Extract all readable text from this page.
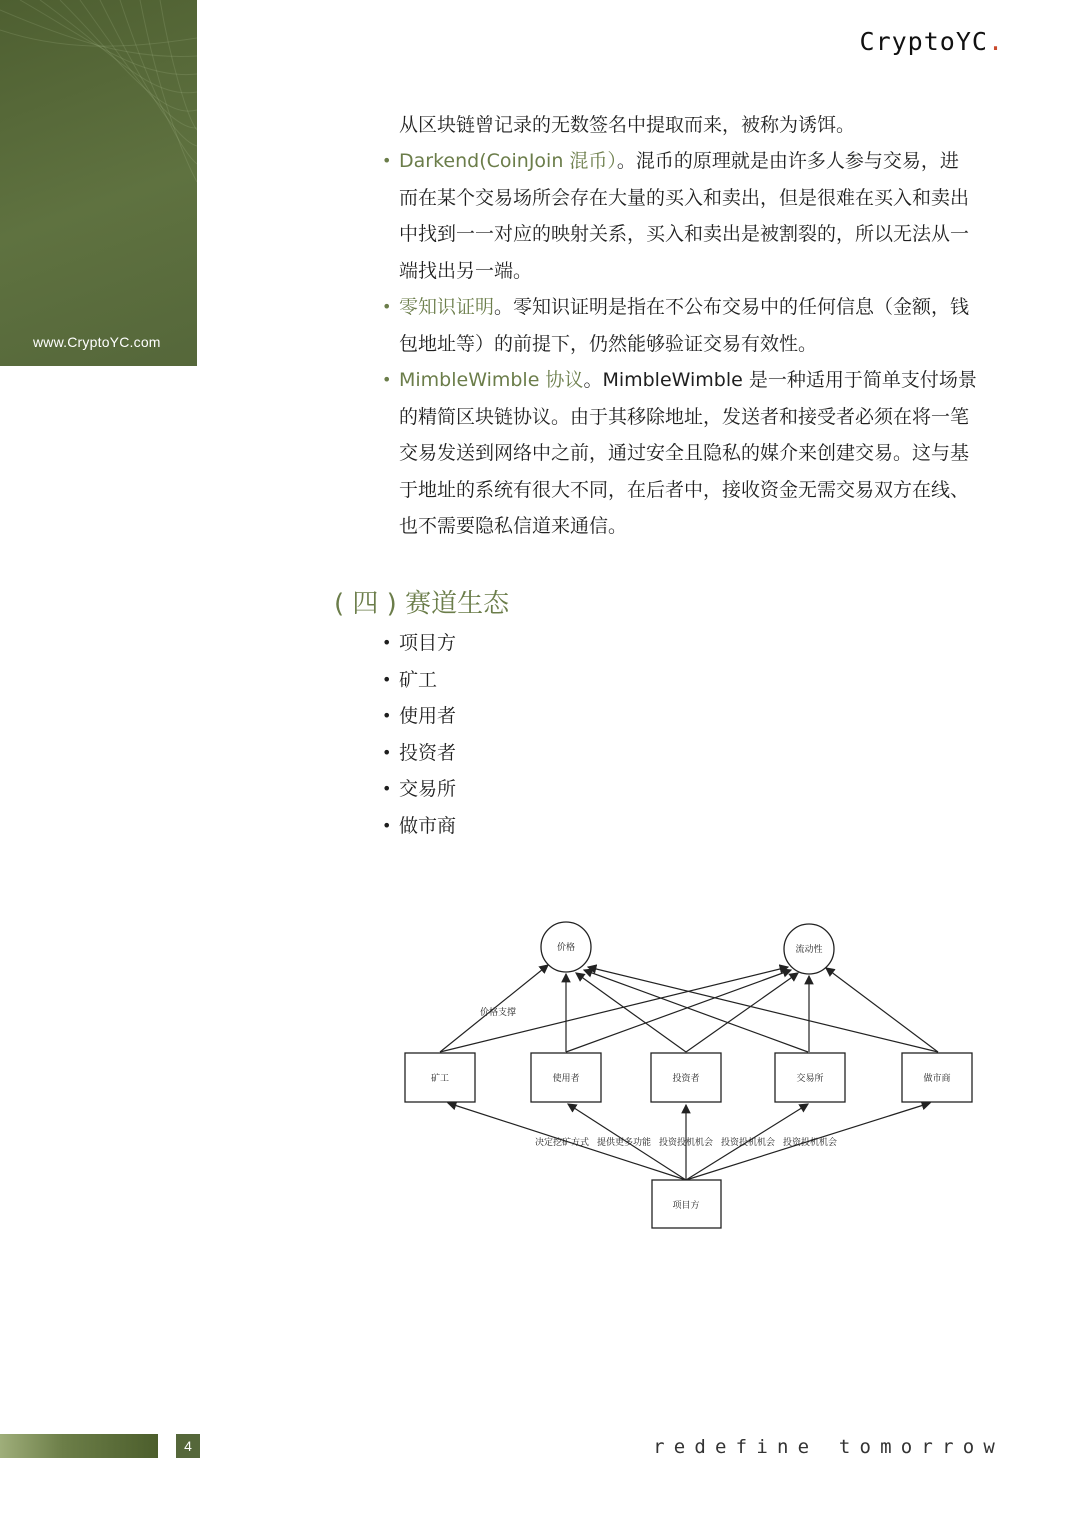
www.CryptoYC.com
CryptoYC.
从区块链曾记录的无数签名中提取而来，被称为诱饵。
• Darkend(CoinJoin 混币）。混币的原理就是由许多人参与交易，进
而在某个交易场所会存在大量的买入和卖出，但是很难在买入和卖出
中找到一一对应的映射关系，买入和卖出是被割裂的，所以无法从一
端找出另一端。
• 零知识证明。零知识证明是指在不公布交易中的任何信息（金额，钱
包地址等）的前提下，仍然能够验证交易有效性。
• MimbleWimble 协议。MimbleWimble 是一种适用于简单支付场景
的精简区块链协议。由于其移除地址，发送者和接受者必须在将一笔
交易发送到网络中之前，通过安全且隐私的媒介来创建交易。这与基
于地址的系统有很大不同，在后者中，接收资金无需交易双方在线、
也不需要隐私信道来通信。
( 四 ) 赛道生态
• 项目方
• 矿工
• 使用者
• 投资者
• 交易所
• 做市商
价格	流动性
矿工	使用者	投资者	交易所	做市商
项目方
价格支撑
决定挖矿方式 提供更多功能 投资投机机会 投资投机机会 投资投机机会
4	redefine tomorrow
